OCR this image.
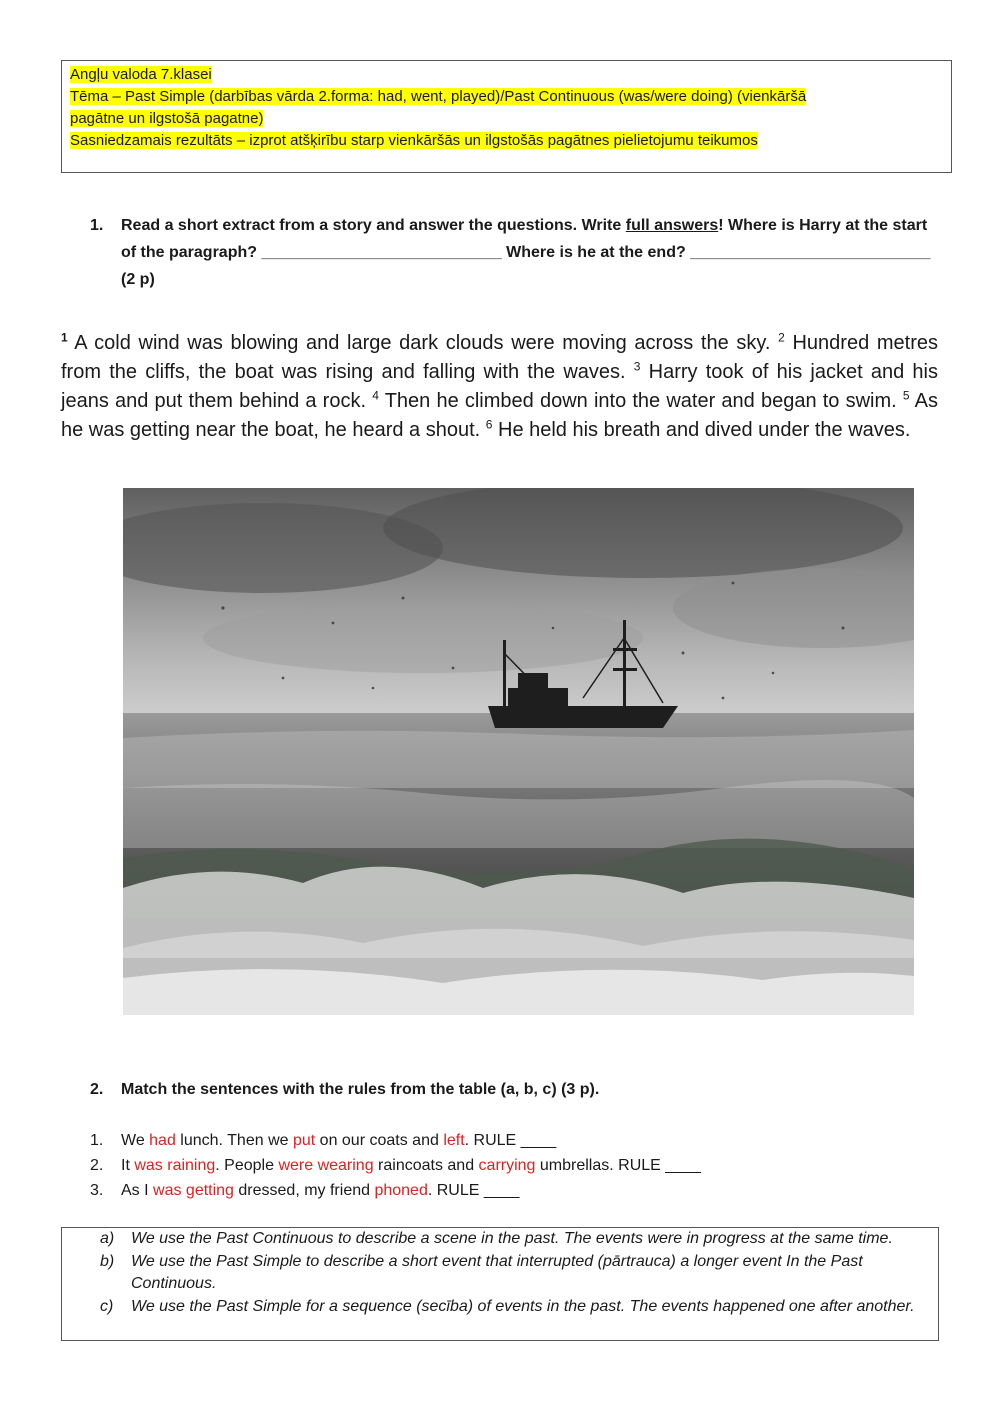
Angļu valoda 7.klasei
Tēma – Past Simple (darbības vārda 2.forma: had, went, played)/Past Continuous (was/were doing) (vienkāršā
pagātne un ilgstošā pagatne)
Sasniedzamais rezultāts – izprot atšķirību starp vienkāršās un ilgstošās pagātnes pielietojumu teikumos
1. Read a short extract from a story and answer the questions. Write full answers! Where is Harry at the start of the paragraph? ___________________________ Where is he at the end? ___________________________ (2 p)
$^1$ A cold wind was blowing and large dark clouds were moving across the sky. $^2$ Hundred metres from the cliffs, the boat was rising and falling with the waves. $^3$ Harry took of his jacket and his jeans and put them behind a rock. $^4$ Then he climbed down into the water and began to swim. $^5$ As he was getting near the boat, he heard a shout. $^6$ He held his breath and dived under the waves.
2. Match the sentences with the rules from the table (a, b, c) (3 p).
1. We had lunch. Then we put on our coats and left. RULE ____
2. It was raining. People were wearing raincoats and carrying umbrellas. RULE ____
3. As I was getting dressed, my friend phoned. RULE ____
a) We use the Past Continuous to describe a scene in the past. The events were in progress at the same time.
b) We use the Past Simple to describe a short event that interrupted (pārtrauca) a longer event In the Past Continuous.
c) We use the Past Simple for a sequence (secība) of events in the past. The events happened one after another.
